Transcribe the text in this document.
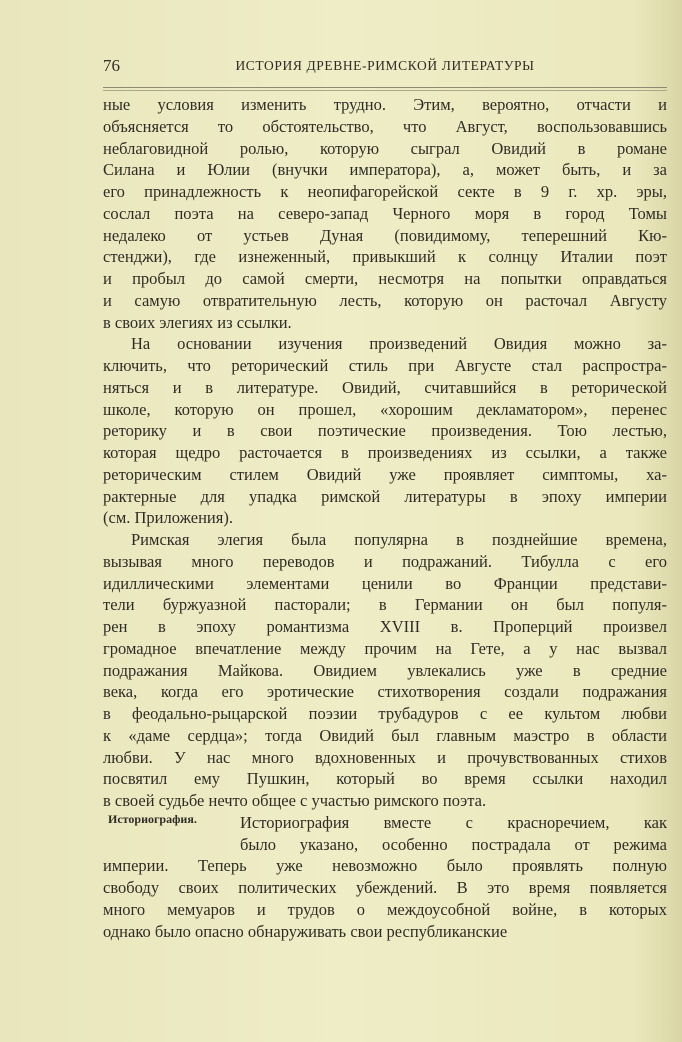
76	ИСТОРИЯ ДРЕВНЕ-РИМСКОЙ ЛИТЕРАТУРЫ
Историография.
ные условия изменить трудно. Этим, вероятно, отчасти и
объясняется то обстоятельство, что Август, воспользовавшись
неблаговидной ролью, которую сыграл Овидий в романе
Силана и Юлии (внучки императора), а, может быть, и за
его принадлежность к неопифагорейской секте в 9 г. хр. эры,
сослал поэта на северо-запад Черного моря в город Томы
недалеко от устьев Дуная (повидимому, теперешний Кю-
стенджи), где изнеженный, привыкший к солнцу Италии поэт
и пробыл до самой смерти, несмотря на попытки оправдаться
и самую отвратительную лесть, которую он расточал Августу
в своих элегиях из ссылки.
На основании изучения произведений Овидия можно за-
ключить, что реторический стиль при Августе стал распростра-
няться и в литературе. Овидий, считавшийся в реторической
школе, которую он прошел, «хорошим декламатором», перенес
реторику и в свои поэтические произведения. Тою лестью,
которая щедро расточается в произведениях из ссылки, а также
реторическим стилем Овидий уже проявляет симптомы, ха-
рактерные для упадка римской литературы в эпоху империи
(см. Приложения).
Римская элегия была популярна в позднейшие времена,
вызывая много переводов и подражаний. Тибулла с его
идиллическими элементами ценили во Франции представи-
тели буржуазной пасторали; в Германии он был популя-
рен в эпоху романтизма XVIII в. Проперций произвел
громадное впечатление между прочим на Гете, а у нас вызвал
подражания Майкова. Овидием увлекались уже в средние
века, когда его эротические стихотворения создали подражания
в феодально-рыцарской поэзии трубадуров с ее культом любви
к «даме сердца»; тогда Овидий был главным маэстро в области
любви. У нас много вдохновенных и прочувствованных стихов
посвятил ему Пушкин, который во время ссылки находил
в своей судьбе нечто общее с участью римского поэта.
Историография вместе с красноречием, как
было указано, особенно пострадала от режима
империи. Теперь уже невозможно было проявлять полную
свободу своих политических убеждений. В это время появляется
много мемуаров и трудов о междоусобной войне, в которых
однако было опасно обнаруживать свои республиканские
